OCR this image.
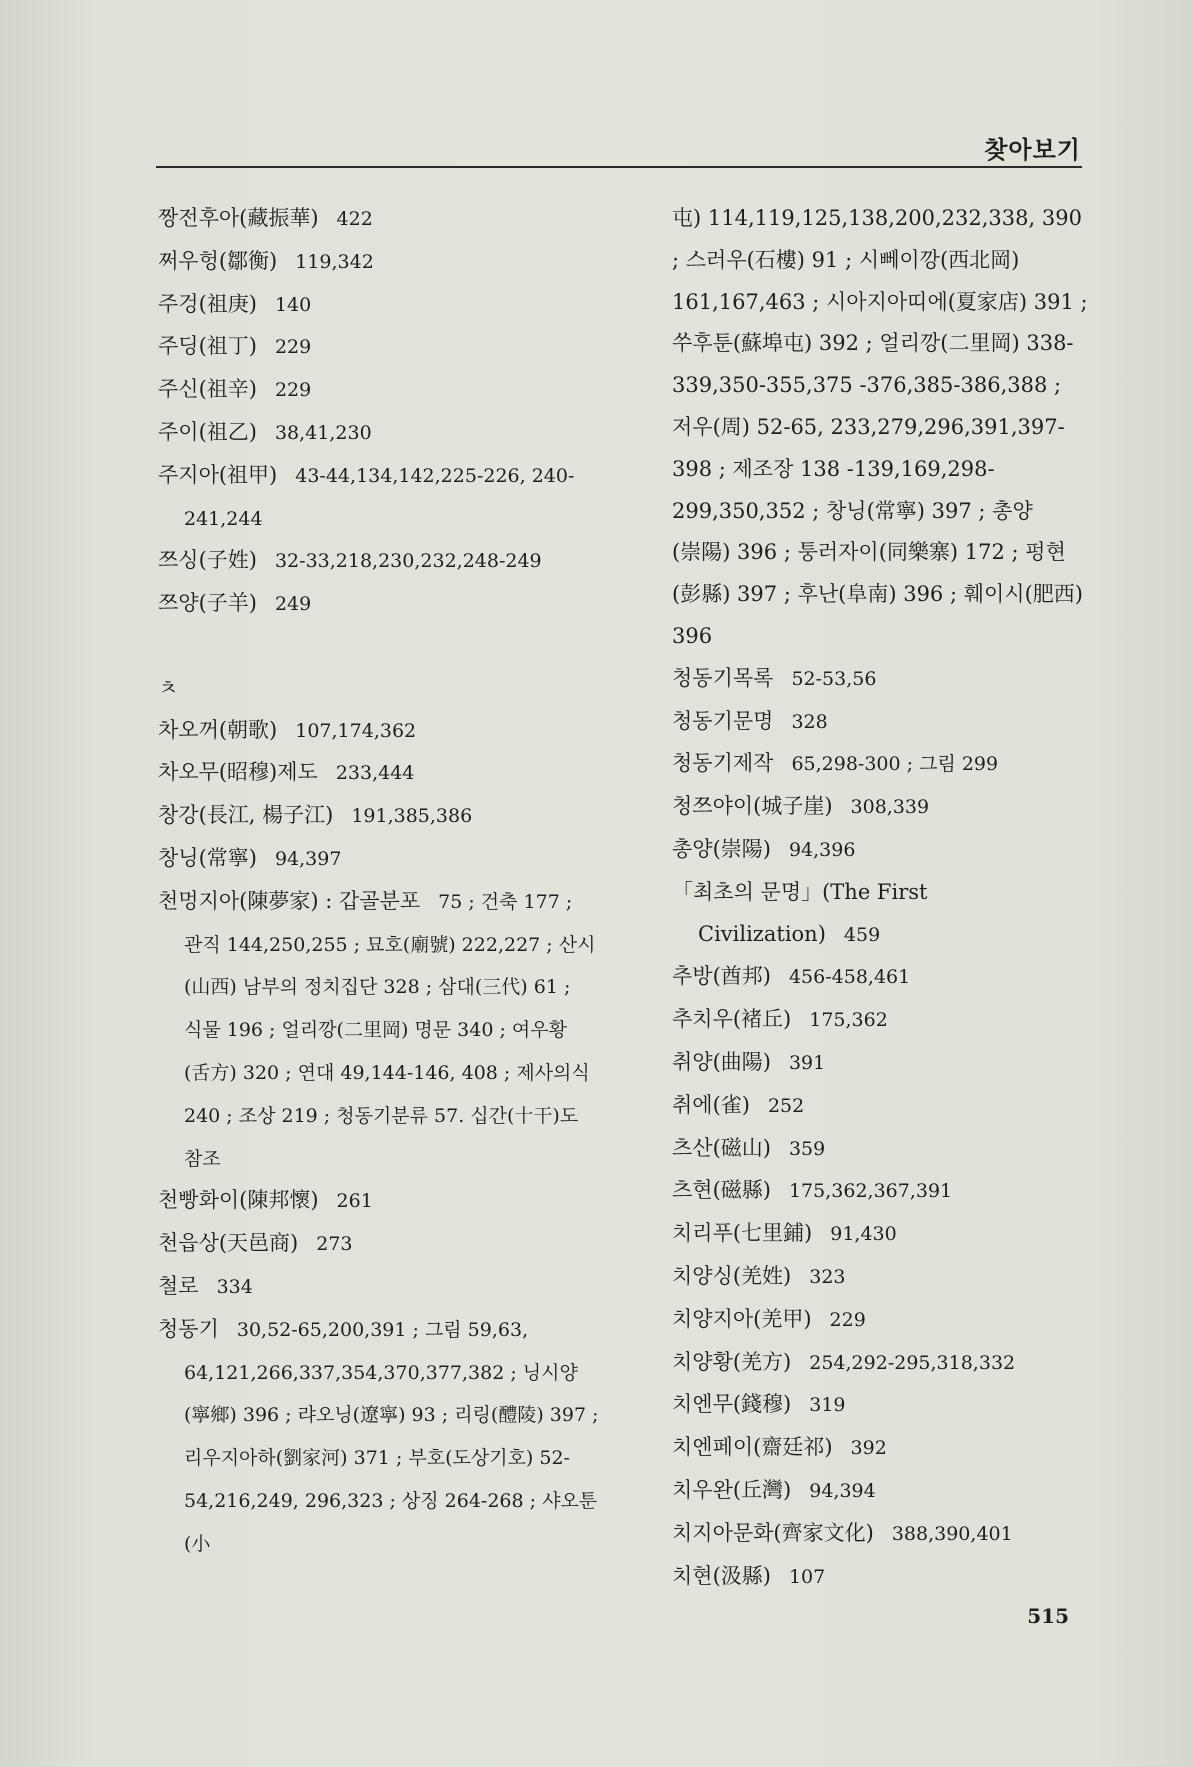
찾아보기
짱전후아(藏振華) 422
쩌우헝(鄒衡) 119,342
주겅(祖庚) 140
주딩(祖丁) 229
주신(祖辛) 229
주이(祖乙) 38,41,230
주지아(祖甲) 43-44,134,142,225-226, 240-241,244
쯔싱(子姓) 32-33,218,230,232,248-249
쯔양(子羊) 249
ㅊ
차오꺼(朝歌) 107,174,362
차오무(昭穆)제도 233,444
창강(長江, 楊子江) 191,385,386
창닝(常寧) 94,397
천멍지아(陳夢家) : 갑골분포 75 ; 건축 177 ; 관직 144,250,255 ; 묘호(廟號) 222,227 ; 산시(山西) 남부의 정치집단 328 ; 삼대(三代) 61 ; 식물 196 ; 얼리깡(二里岡) 명문 340 ; 여우황(舌方) 320 ; 연대 49,144-146, 408 ; 제사의식 240 ; 조상 219 ; 청동기분류 57. 십간(十干)도 참조
천빵화이(陳邦懷) 261
천읍상(天邑商) 273
철로 334
청동기 30,52-65,200,391 ; 그림 59,63, 64,121,266,337,354,370,377,382 ; 닝시양(寧鄉) 396 ; 랴오닝(遼寧) 93 ; 리링(醴陵) 397 ; 리우지아하(劉家河) 371 ; 부호(도상기호) 52-54,216,249, 296,323 ; 상징 264-268 ; 샤오툰(小
屯) 114,119,125,138,200,232,338, 390 ; 스러우(石樓) 91 ; 시뻬이깡(西北岡) 161,167,463 ; 시아지아띠에(夏家店) 391 ; 쑤후툰(蘇埠屯) 392 ; 얼리깡(二里岡) 338-339,350-355,375 -376,385-386,388 ; 저우(周) 52-65, 233,279,296,391,397-398 ; 제조장 138 -139,169,298-299,350,352 ; 창닝(常寧) 397 ; 총양(崇陽) 396 ; 퉁러자이(同樂寨) 172 ; 펑현(彭縣) 397 ; 후난(阜南) 396 ; 훼이시(肥西) 396
청동기목록 52-53,56
청동기문명 328
청동기제작 65,298-300 ; 그림 299
청쯔야이(城子崖) 308,339
총양(崇陽) 94,396
「최초의 문명」(The First Civilization) 459
추방(酋邦) 456-458,461
추치우(褚丘) 175,362
취양(曲陽) 391
취에(雀) 252
츠산(磁山) 359
츠현(磁縣) 175,362,367,391
치리푸(七里鋪) 91,430
치양싱(羌姓) 323
치양지아(羌甲) 229
치양황(羌方) 254,292-295,318,332
치엔무(錢穆) 319
치엔페이(齋廷祁) 392
치우완(丘灣) 94,394
치지아문화(齊家文化) 388,390,401
치현(汲縣) 107
515
